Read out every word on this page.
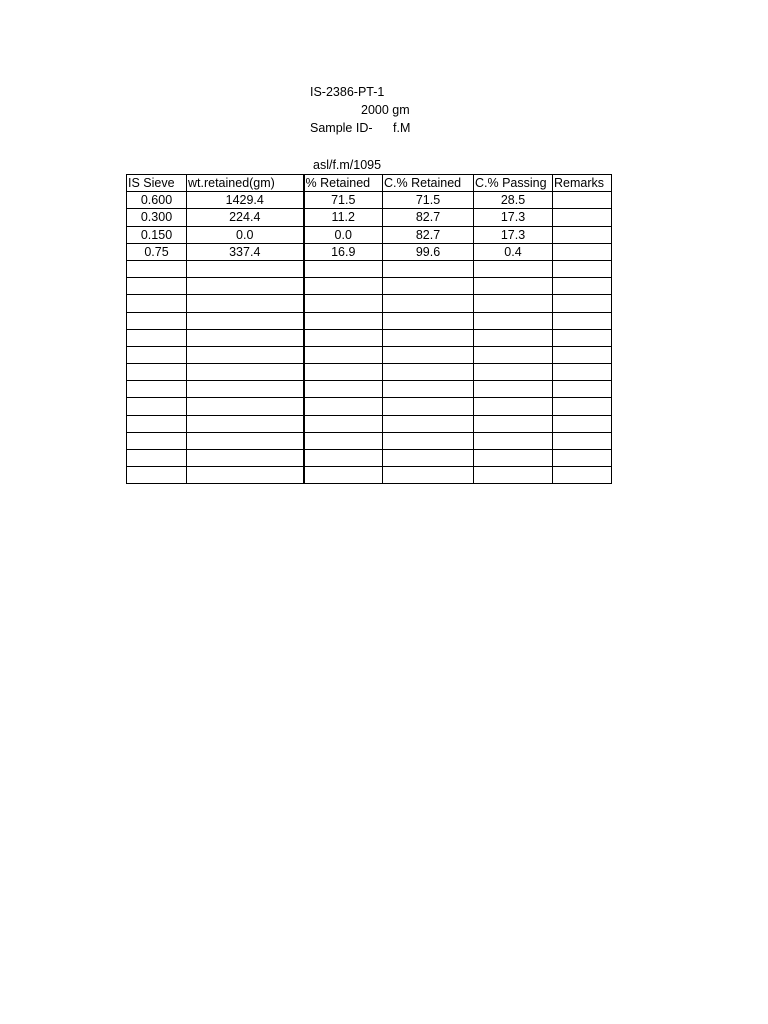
IS-2386-PT-1
2000 gm
Sample ID- f.M
asl/f.m/1095
IS Sieve	wt.retained(gm)	% Retained	C.% Retained	C.% Passing	Remarks
0.600	1429.4	71.5	71.5	28.5	
0.300	224.4	11.2	82.7	17.3	
0.150	0.0	0.0	82.7	17.3	
0.75	337.4	16.9	99.6	0.4	
